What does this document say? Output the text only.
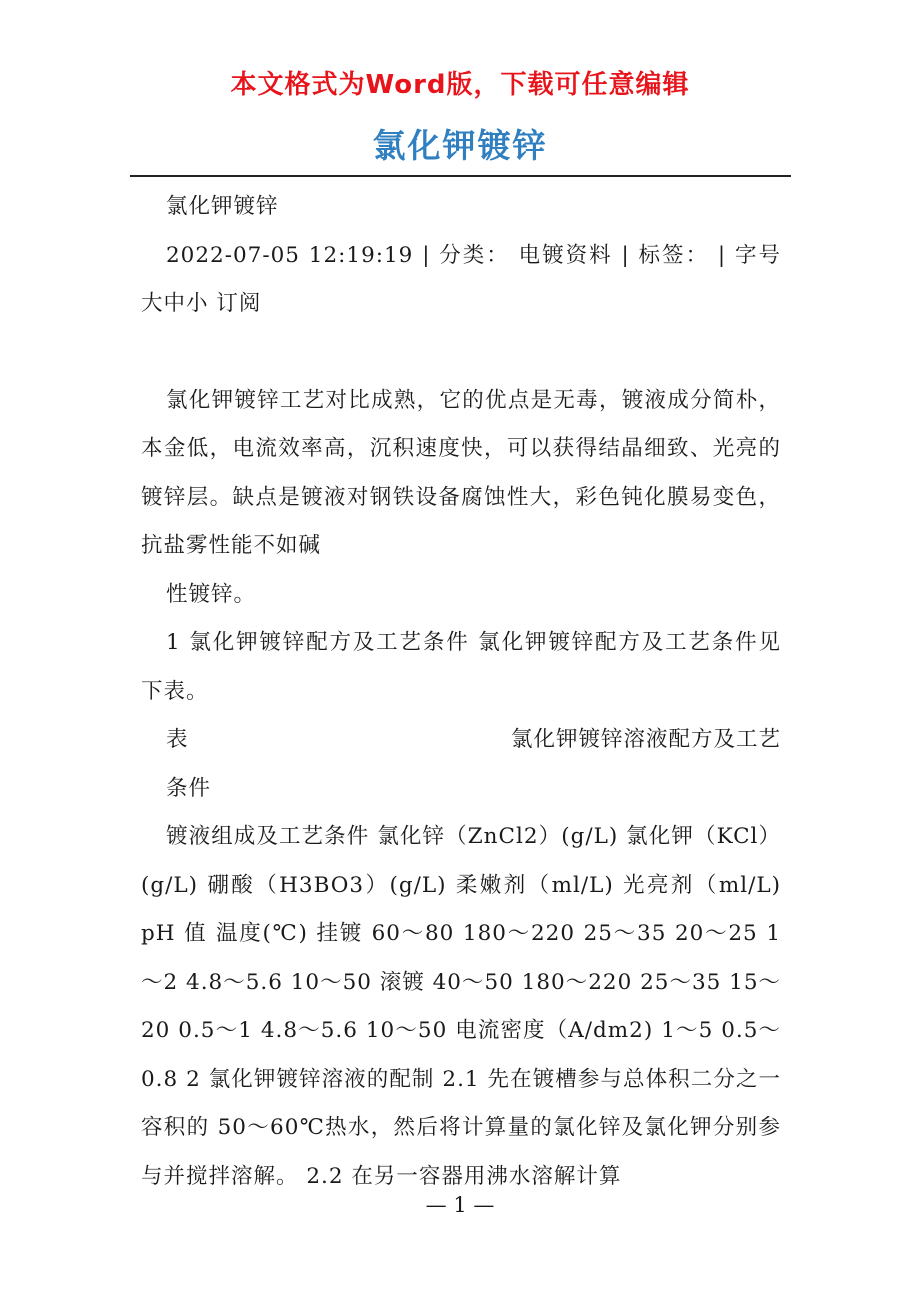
本文格式为Word版，下载可任意编辑
氯化钾镀锌

氯化钾镀锌

2022-07-05 12:19:19 | 分类： 电镀资料 | 标签： | 字号大中小 订阅

氯化钾镀锌工艺对比成熟，它的优点是无毒，镀液成分简朴，本金低，电流效率高，沉积速度快，可以获得结晶细致、光亮的镀锌层。缺点是镀液对钢铁设备腐蚀性大，彩色钝化膜易变色，抗盐雾性能不如碱

性镀锌。

1 氯化钾镀锌配方及工艺条件 氯化钾镀锌配方及工艺条件见下表。

表	氯化钾镀锌溶液配方及工艺

条件

镀液组成及工艺条件 氯化锌（ZnCl2）(g/L) 氯化钾（KCl）(g/L) 硼酸（H3BO3）(g/L) 柔嫩剂（ml/L) 光亮剂（ml/L) pH 值 温度(℃) 挂镀 60～80 180～220 25～35 20～25 1～2 4.8～5.6 10～50 滚镀 40～50 180～220 25～35 15～20 0.5～1 4.8～5.6 10～50 电流密度（A/dm2) 1～5 0.5～0.8 2 氯化钾镀锌溶液的配制 2.1 先在镀槽参与总体积二分之一容积的 50～60℃热水，然后将计算量的氯化锌及氯化钾分别参与并搅拌溶解。 2.2 在另一容器用沸水溶解计算

— 1 —
